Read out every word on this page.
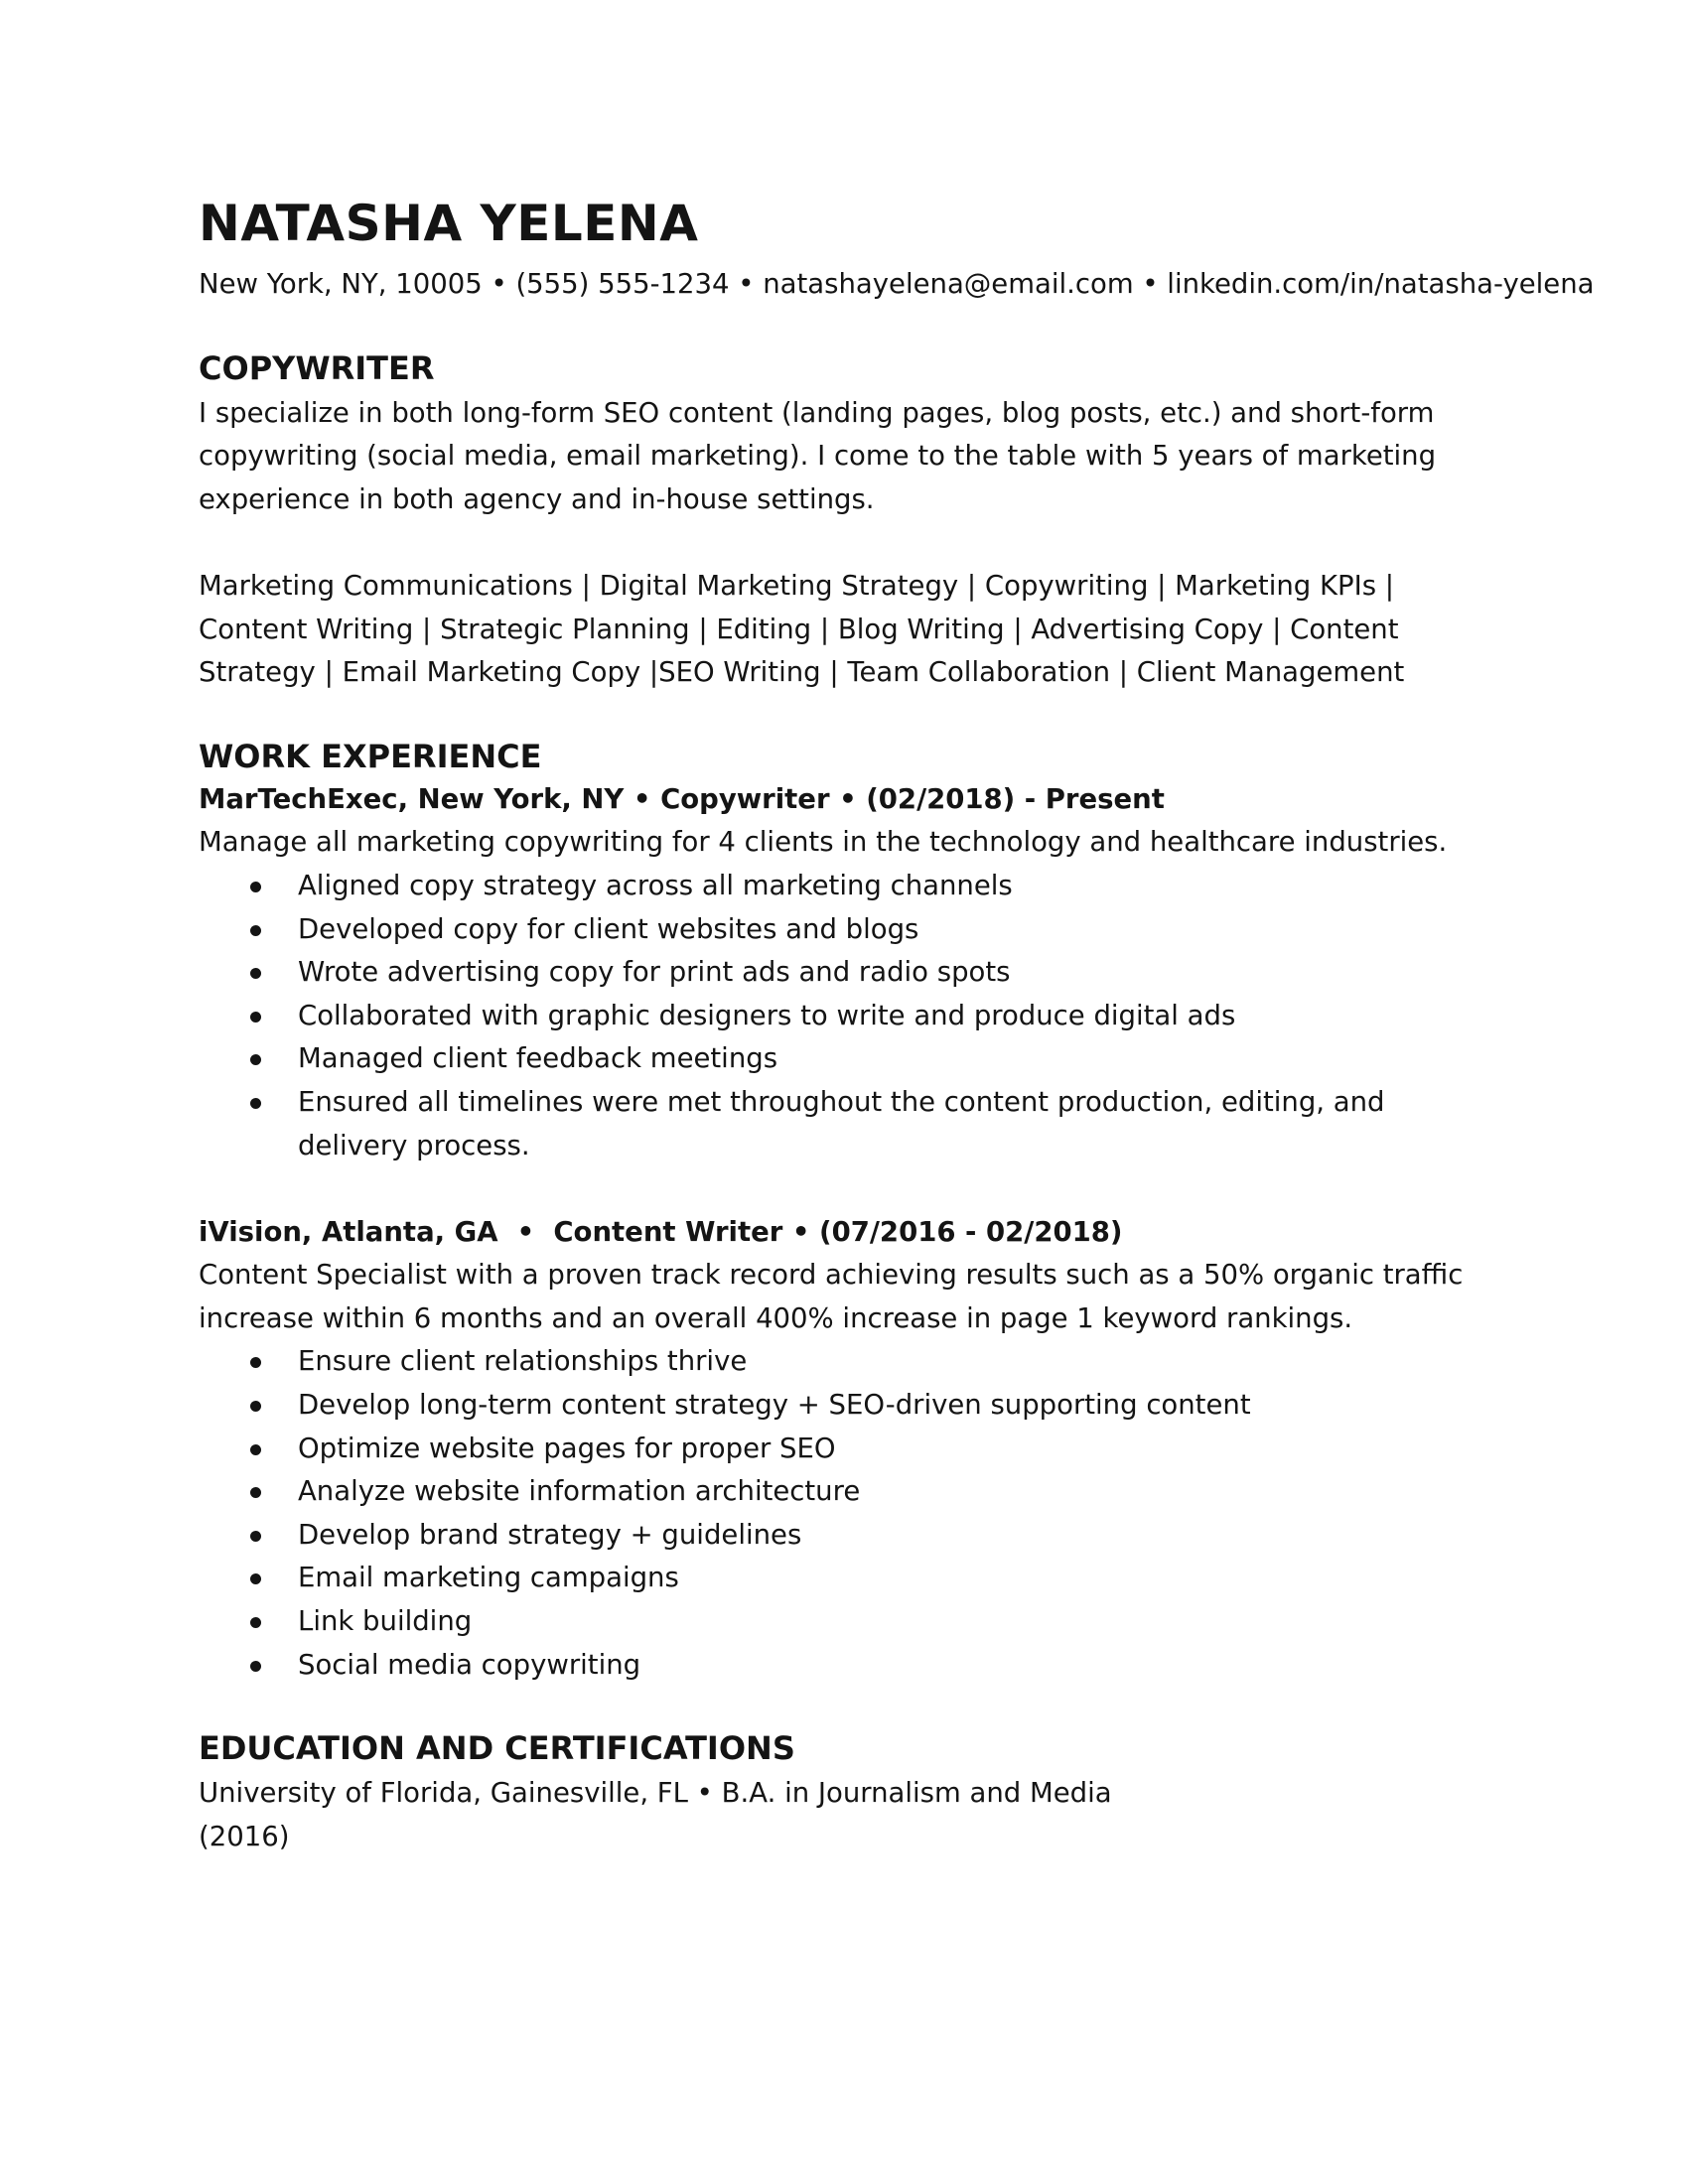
NATASHA YELENA
New York, NY, 10005 • (555) 555-1234 • natashayelena@email.com • linkedin.com/in/natasha-yelena
COPYWRITER

I specialize in both long-form SEO content (landing pages, blog posts, etc.) and short-form copywriting (social media, email marketing). I come to the table with 5 years of marketing experience in both agency and in-house settings.

Marketing Communications | Digital Marketing Strategy | Copywriting | Marketing KPIs | Content Writing | Strategic Planning | Editing | Blog Writing | Advertising Copy | Content Strategy | Email Marketing Copy |SEO Writing | Team Collaboration | Client Management

WORK EXPERIENCE

MarTechExec, New York, NY • Copywriter • (02/2018) - Present

Manage all marketing copywriting for 4 clients in the technology and healthcare industries.

Aligned copy strategy across all marketing channels
Developed copy for client websites and blogs
Wrote advertising copy for print ads and radio spots
Collaborated with graphic designers to write and produce digital ads
Managed client feedback meetings
Ensured all timelines were met throughout the content production, editing, and delivery process.

iVision, Atlanta, GA  •  Content Writer • (07/2016 - 02/2018)

Content Specialist with a proven track record achieving results such as a 50% organic traffic increase within 6 months and an overall 400% increase in page 1 keyword rankings.

Ensure client relationships thrive
Develop long-term content strategy + SEO-driven supporting content
Optimize website pages for proper SEO
Analyze website information architecture
Develop brand strategy + guidelines
Email marketing campaigns
Link building
Social media copywriting
EDUCATION AND CERTIFICATIONS

University of Florida, Gainesville, FL • B.A. in Journalism and Media

(2016)
